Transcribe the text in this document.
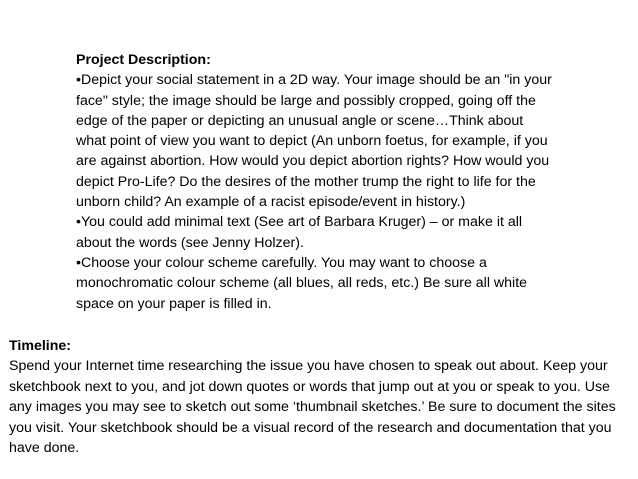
Project Description:

•Depict your social statement in a 2D way. Your image should be an "in your face" style; the image should be large and possibly cropped, going off the edge of the paper or depicting an unusual angle or scene…Think about what point of view you want to depict (An unborn foetus, for example, if you are against abortion. How would you depict abortion rights? How would you depict Pro-Life? Do the desires of the mother trump the right to life for the unborn child? An example of a racist episode/event in history.)

•You could add minimal text (See art of Barbara Kruger) – or make it all about the words (see Jenny Holzer).

•Choose your colour scheme carefully. You may want to choose a monochromatic colour scheme (all blues, all reds, etc.) Be sure all white space on your paper is filled in.

Timeline:

Spend your Internet time researching the issue you have chosen to speak out about. Keep your sketchbook next to you, and jot down quotes or words that jump out at you or speak to you. Use any images you may see to sketch out some ‘thumbnail sketches.’ Be sure to document the sites you visit. Your sketchbook should be a visual record of the research and documentation that you have done.
